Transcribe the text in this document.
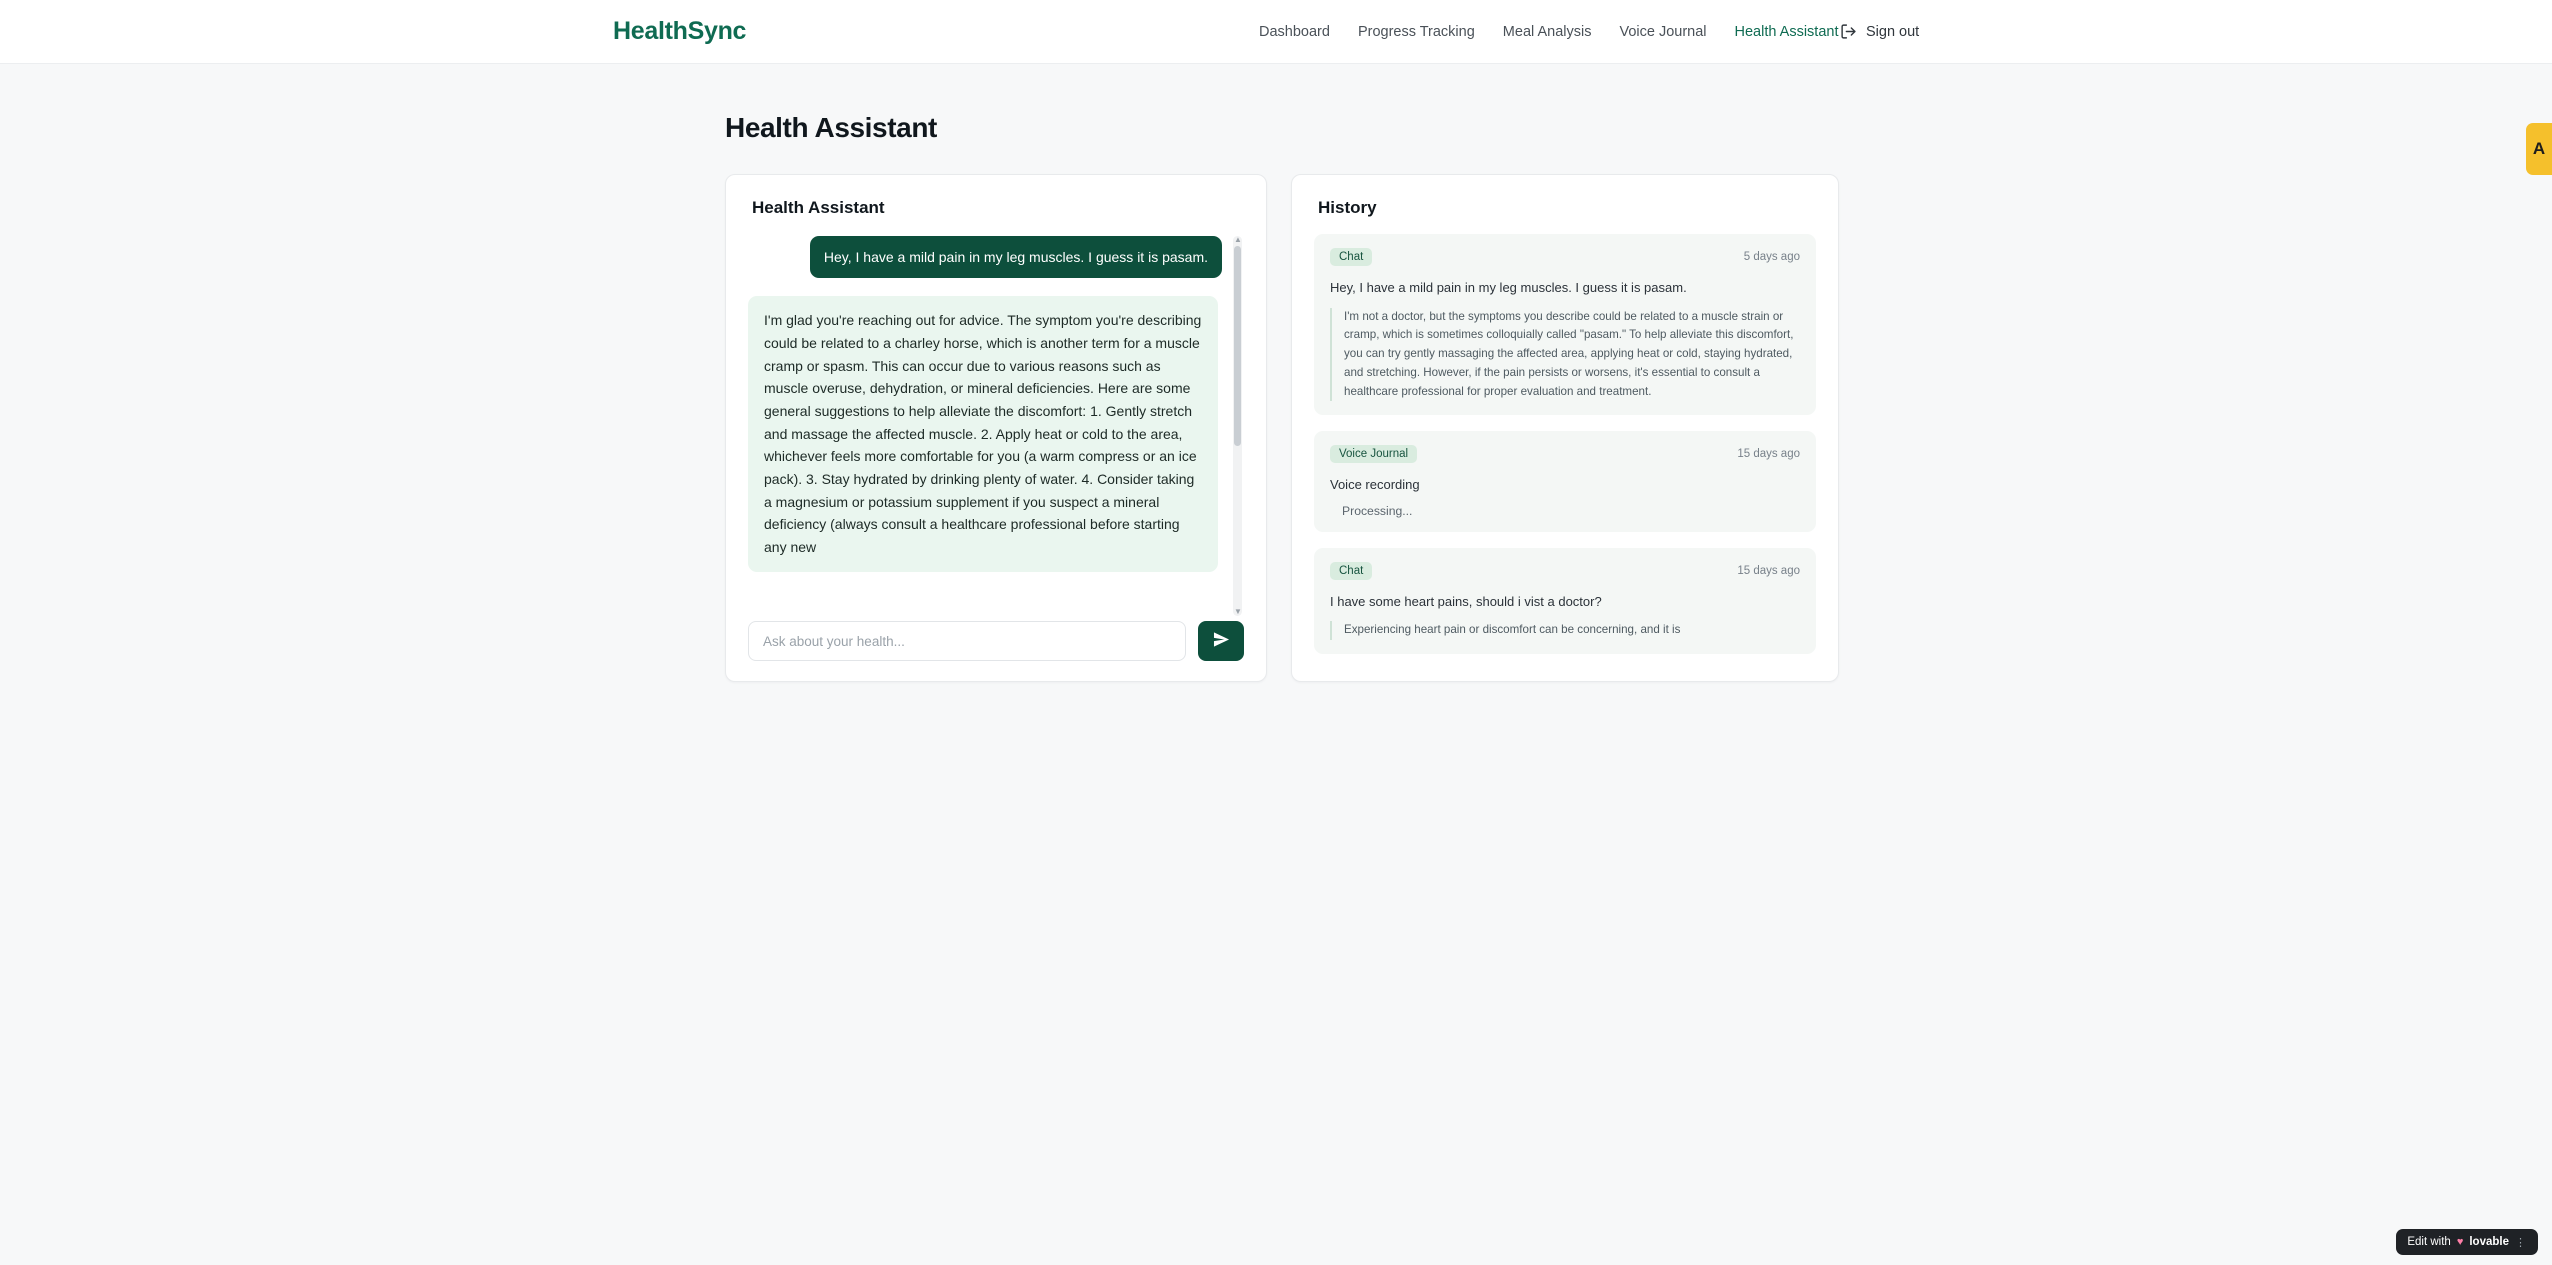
HealthSync	Dashboard Progress Tracking Meal Analysis Voice Journal Health Assistant Sign out
Health Assistant
Health Assistant
Hey, I have a mild pain in my leg muscles. I guess it is pasam.
I'm glad you're reaching out for advice. The symptom you're describing could be related to a charley horse, which is another term for a muscle cramp or spasm. This can occur due to various reasons such as muscle overuse, dehydration, or mineral deficiencies. Here are some general suggestions to help alleviate the discomfort: 1. Gently stretch and massage the affected muscle. 2. Apply heat or cold to the area, whichever feels more comfortable for you (a warm compress or an ice pack). 3. Stay hydrated by drinking plenty of water. 4. Consider taking a magnesium or potassium supplement if you suspect a mineral deficiency (always consult a healthcare professional before starting any new
▲
▼
Ask about your health...
History
Chat	5 days ago
Hey, I have a mild pain in my leg muscles. I guess it is pasam.
I'm not a doctor, but the symptoms you describe could be related to a muscle strain or cramp, which is sometimes colloquially called "pasam." To help alleviate this discomfort, you can try gently massaging the affected area, applying heat or cold, staying hydrated, and stretching. However, if the pain persists or worsens, it's essential to consult a healthcare professional for proper evaluation and treatment.
Voice Journal	15 days ago
Voice recording
Processing...
Chat	15 days ago
I have some heart pains, should i vist a doctor?
Experiencing heart pain or discomfort can be concerning, and it is
A
Edit with ♥ lovable ⋮
